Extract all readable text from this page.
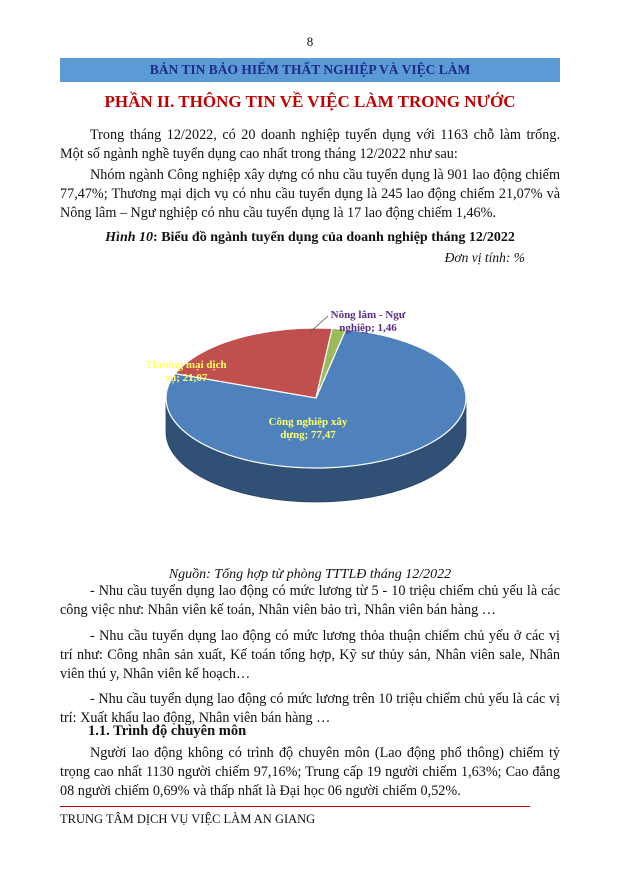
8
BẢN TIN BẢO HIỂM THẤT NGHIỆP VÀ VIỆC LÀM
PHẦN II. THÔNG TIN VỀ VIỆC LÀM TRONG NƯỚC

Trong tháng 12/2022, có 20 doanh nghiệp tuyển dụng với 1163 chỗ làm trống. Một số ngành nghề tuyển dụng cao nhất trong tháng 12/2022 như sau:

Nhóm ngành Công nghiệp xây dựng có nhu cầu tuyển dụng là 901 lao động chiếm 77,47%; Thương mại dịch vụ có nhu cầu tuyển dụng là 245 lao động chiếm 21,07% và Nông lâm – Ngư nghiệp có nhu cầu tuyển dụng là 17 lao động chiếm 1,46%.

Hình 10: Biểu đồ ngành tuyển dụng của doanh nghiệp tháng 12/2022
Đơn vị tính: %
Công nghiệp xây dựng; 77,47
Thương mại dịch vụ; 21,07
Nông lâm - Ngư nghiệp; 1,46
Nguồn: Tổng hợp từ phòng TTTLĐ tháng 12/2022

- Nhu cầu tuyển dụng lao động có mức lương từ 5 - 10 triệu chiếm chủ yếu là các công việc như: Nhân viên kế toán, Nhân viên bảo trì, Nhân viên bán hàng …

- Nhu cầu tuyển dụng lao động có mức lương thỏa thuận chiếm chủ yếu ở các vị trí như: Công nhân sản xuất, Kế toán tổng hợp, Kỹ sư thủy sản, Nhân viên sale, Nhân viên thú y, Nhân viên kế hoạch…

- Nhu cầu tuyển dụng lao động có mức lương trên 10 triệu chiếm chủ yếu là các vị trí: Xuất khẩu lao động, Nhân viên bán hàng …

1.1. Trình độ chuyên môn

Người lao động không có trình độ chuyên môn (Lao động phổ thông) chiếm tỷ trọng cao nhất 1130 người chiếm 97,16%; Trung cấp 19 người chiếm 1,63%; Cao đẳng 08 người chiếm 0,69% và thấp nhất là Đại học 06 người chiếm 0,52%.

TRUNG TÂM DỊCH VỤ VIỆC LÀM AN GIANG
